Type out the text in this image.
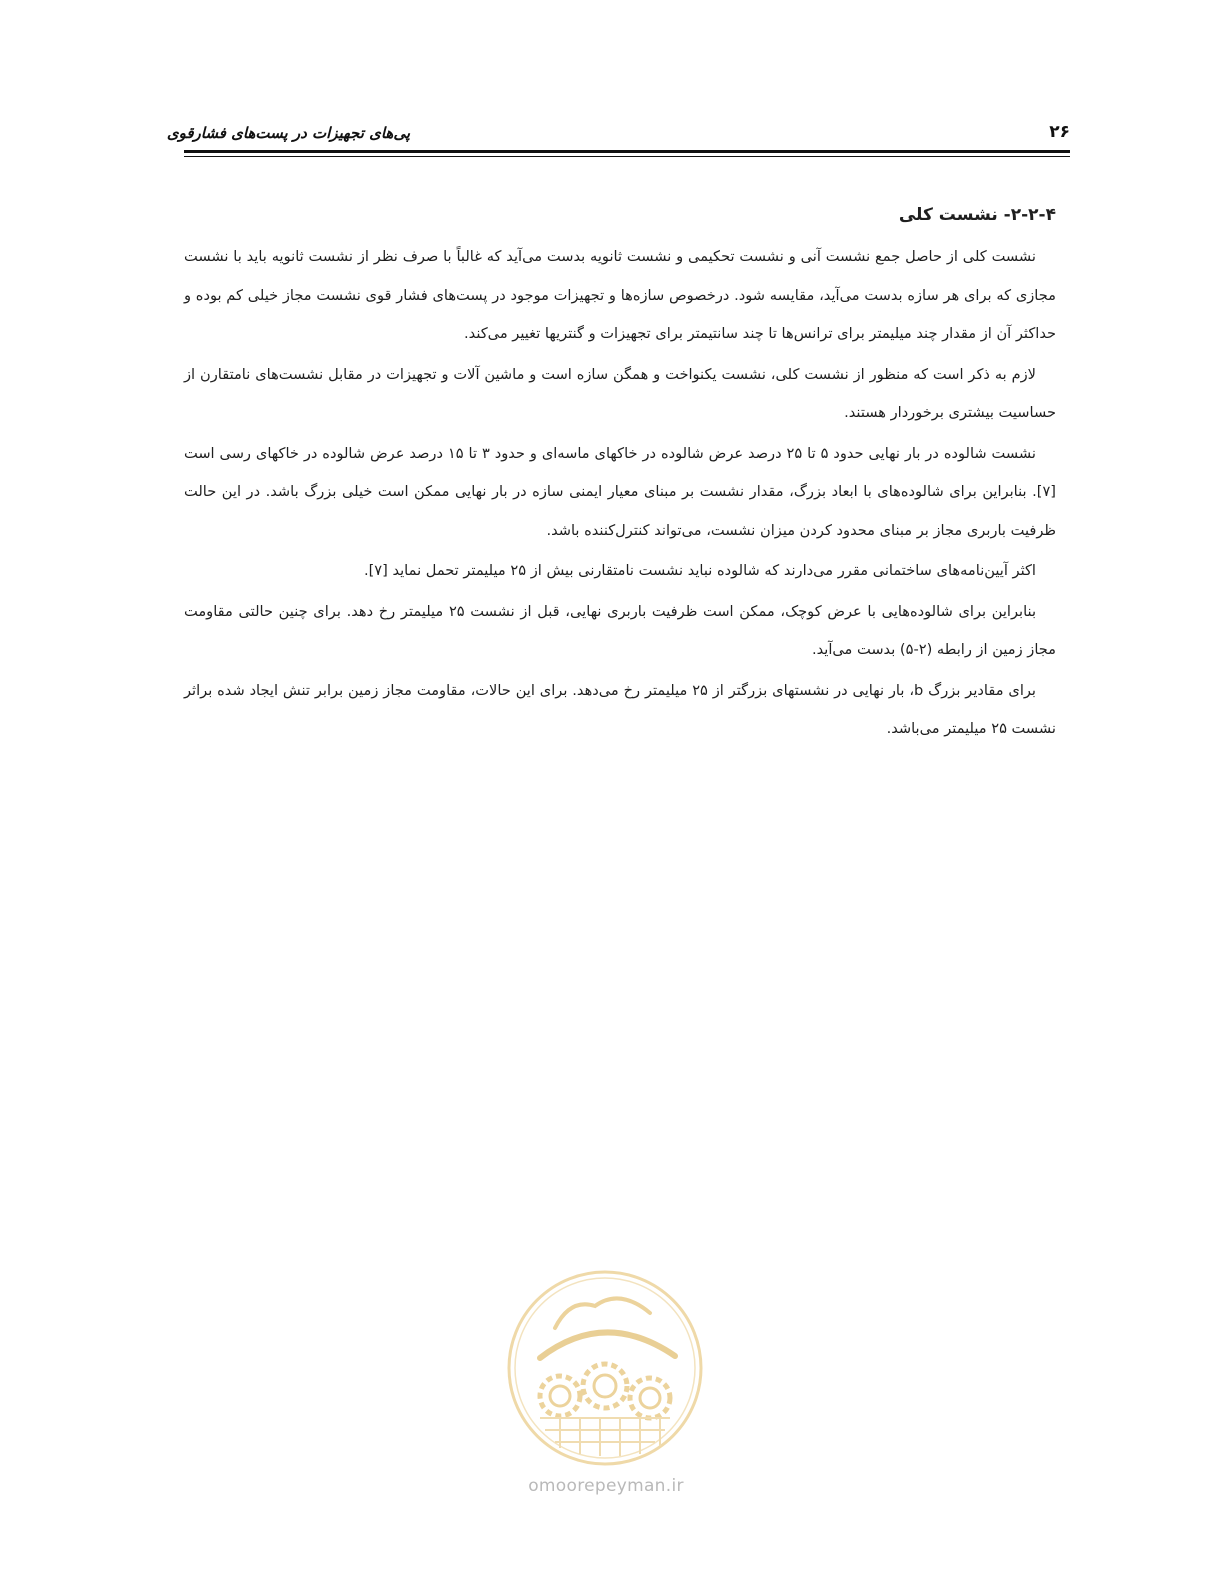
پی‌های تجهیزات در پست‌های فشارقوی	۲۶
۲-۲-۴- نشست کلی

نشست کلی از حاصل جمع نشست آنی و نشست تحکیمی و نشست ثانویه بدست می‌آید که غالباً با صرف نظر از نشست ثانویه باید با نشست مجازی که برای هر سازه بدست می‌آید، مقایسه شود. درخصوص سازه‌ها و تجهیزات موجود در پست‌های فشار قوی نشست مجاز خیلی کم بوده و حداکثر آن از مقدار چند میلیمتر برای ترانس‌ها تا چند سانتیمتر برای تجهیزات و گنتریها تغییر می‌کند.

لازم به ذکر است که منظور از نشست کلی، نشست یکنواخت و همگن سازه است و ماشین آلات و تجهیزات در مقابل نشست‌های نامتقارن از حساسیت بیشتری برخوردار هستند.

نشست شالوده در بار نهایی حدود ۵ تا ۲۵ درصد عرض شالوده در خاکهای ماسه‌ای و حدود ۳ تا ۱۵ درصد عرض شالوده در خاکهای رسی است [۷]. بنابراین برای شالوده‌های با ابعاد بزرگ، مقدار نشست بر مبنای معیار ایمنی سازه در بار نهایی ممکن است خیلی بزرگ باشد. در این حالت ظرفیت باربری مجاز بر مبنای محدود کردن میزان نشست، می‌تواند کنترل‌کننده باشد.

اکثر آیین‌نامه‌های ساختمانی مقرر می‌دارند که شالوده نباید نشست نامتقارنی بیش از ۲۵ میلیمتر تحمل نماید [۷].

بنابراین برای شالوده‌هایی با عرض کوچک، ممکن است ظرفیت باربری نهایی، قبل از نشست ۲۵ میلیمتر رخ دهد. برای چنین حالتی مقاومت مجاز زمین از رابطه (۲-۵) بدست می‌آید.

برای مقادیر بزرگ b، بار نهایی در نشستهای بزرگتر از ۲۵ میلیمتر رخ می‌دهد. برای این حالات، مقاومت مجاز زمین برابر تنش ایجاد شده براثر نشست ۲۵ میلیمتر می‌باشد.

omoorepeyman.ir
